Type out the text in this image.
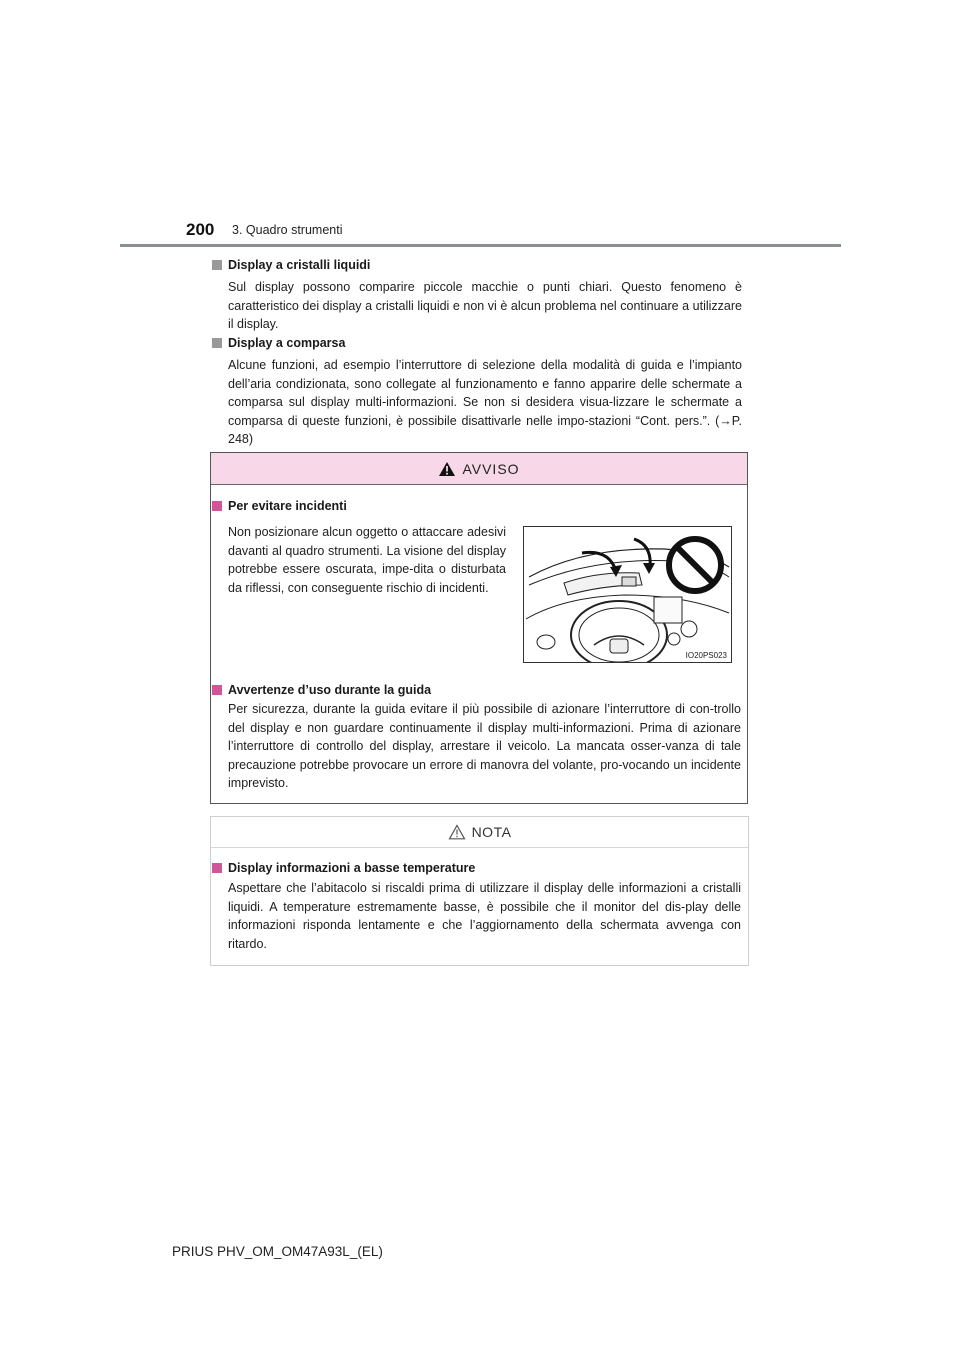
200 3. Quadro strumenti
Display a cristalli liquidi
Sul display possono comparire piccole macchie o punti chiari. Questo fenomeno è caratteristico dei display a cristalli liquidi e non vi è alcun problema nel continuare a utilizzare il display.
Display a comparsa
Alcune funzioni, ad esempio l’interruttore di selezione della modalità di guida e l’impianto dell’aria condizionata, sono collegate al funzionamento e fanno apparire delle schermate a comparsa sul display multi-informazioni. Se non si desidera visua-lizzare le schermate a comparsa di queste funzioni, è possibile disattivarle nelle impo-stazioni “Cont. pers.”. (→P. 248)
AVVISO
Per evitare incidenti
Non posizionare alcun oggetto o attaccare adesivi davanti al quadro strumenti. La visione del display potrebbe essere oscurata, impe-dita o disturbata da riflessi, con conseguente rischio di incidenti.
Avvertenze d’uso durante la guida
Per sicurezza, durante la guida evitare il più possibile di azionare l’interruttore di con-trollo del display e non guardare continuamente il display multi-informazioni. Prima di azionare l’interruttore di controllo del display, arrestare il veicolo. La mancata osser-vanza di tale precauzione potrebbe provocare un errore di manovra del volante, pro-vocando un incidente imprevisto.
IO20PS023
NOTA
Display informazioni a basse temperature
Aspettare che l’abitacolo si riscaldi prima di utilizzare il display delle informazioni a cristalli liquidi. A temperature estremamente basse, è possibile che il monitor del dis-play delle informazioni risponda lentamente e che l’aggiornamento della schermata avvenga con ritardo.
PRIUS PHV_OM_OM47A93L_(EL)
